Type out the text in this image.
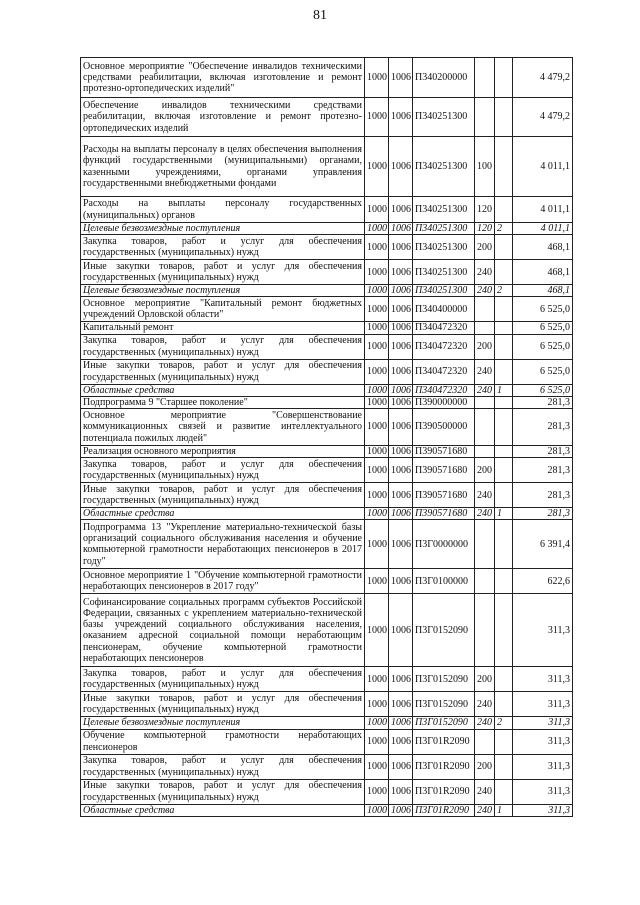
81
Основное мероприятие "Обеспечение инвалидов техническими средствами реабилитации, включая изготовление и ремонт протезно-ортопедических изделий"	1000	1006	П340200000			4 479,2
Обеспечение инвалидов техническими средствами реабилитации, включая изготовление и ремонт протезно-ортопедических изделий	1000	1006	П340251300			4 479,2
Расходы на выплаты персоналу в целях обеспечения выполнения функций государственными (муниципальными) органами, казенными учреждениями, органами управления государственными внебюджетными фондами	1000	1006	П340251300	100		4 011,1
Расходы на выплаты персоналу государственных (муниципальных) органов	1000	1006	П340251300	120		4 011,1
Целевые безвозмездные поступления	1000	1006	П340251300	120	2	4 011,1
Закупка товаров, работ и услуг для обеспечения государственных (муниципальных) нужд	1000	1006	П340251300	200		468,1
Иные закупки товаров, работ и услуг для обеспечения государственных (муниципальных) нужд	1000	1006	П340251300	240		468,1
Целевые безвозмездные поступления	1000	1006	П340251300	240	2	468,1
Основное мероприятие "Капитальный ремонт бюджетных учреждений Орловской области"	1000	1006	П340400000			6 525,0
Капитальный ремонт	1000	1006	П340472320			6 525,0
Закупка товаров, работ и услуг для обеспечения государственных (муниципальных) нужд	1000	1006	П340472320	200		6 525,0
Иные закупки товаров, работ и услуг для обеспечения государственных (муниципальных) нужд	1000	1006	П340472320	240		6 525,0
Областные средства	1000	1006	П340472320	240	1	6 525,0
Подпрограмма 9 "Старшее поколение"	1000	1006	П390000000			281,3
Основное мероприятие "Совершенствование коммуникационных связей и развитие интеллектуального потенциала пожилых людей"	1000	1006	П390500000			281,3
Реализация основного мероприятия	1000	1006	П390571680			281,3
Закупка товаров, работ и услуг для обеспечения государственных (муниципальных) нужд	1000	1006	П390571680	200		281,3
Иные закупки товаров, работ и услуг для обеспечения государственных (муниципальных) нужд	1000	1006	П390571680	240		281,3
Областные средства	1000	1006	П390571680	240	1	281,3
Подпрограмма 13 "Укрепление материально-технической базы организаций социального обслуживания населения и обучение компьютерной грамотности неработающих пенсионеров в 2017 году"	1000	1006	П3Г0000000			6 391,4
Основное мероприятие 1 "Обучение компьютерной грамотности неработающих пенсионеров в 2017 году"	1000	1006	П3Г0100000			622,6
Софинансирование социальных программ субъектов Российской Федерации, связанных с укреплением материально-технической базы учреждений социального обслуживания населения, оказанием адресной социальной помощи неработающим пенсионерам, обучение компьютерной грамотности неработающих пенсионеров	1000	1006	П3Г0152090			311,3
Закупка товаров, работ и услуг для обеспечения государственных (муниципальных) нужд	1000	1006	П3Г0152090	200		311,3
Иные закупки товаров, работ и услуг для обеспечения государственных (муниципальных) нужд	1000	1006	П3Г0152090	240		311,3
Целевые безвозмездные поступления	1000	1006	П3Г0152090	240	2	311,3
Обучение компьютерной грамотности неработающих пенсионеров	1000	1006	П3Г01R2090			311,3
Закупка товаров, работ и услуг для обеспечения государственных (муниципальных) нужд	1000	1006	П3Г01R2090	200		311,3
Иные закупки товаров, работ и услуг для обеспечения государственных (муниципальных) нужд	1000	1006	П3Г01R2090	240		311,3
Областные средства	1000	1006	П3Г01R2090	240	1	311,3
